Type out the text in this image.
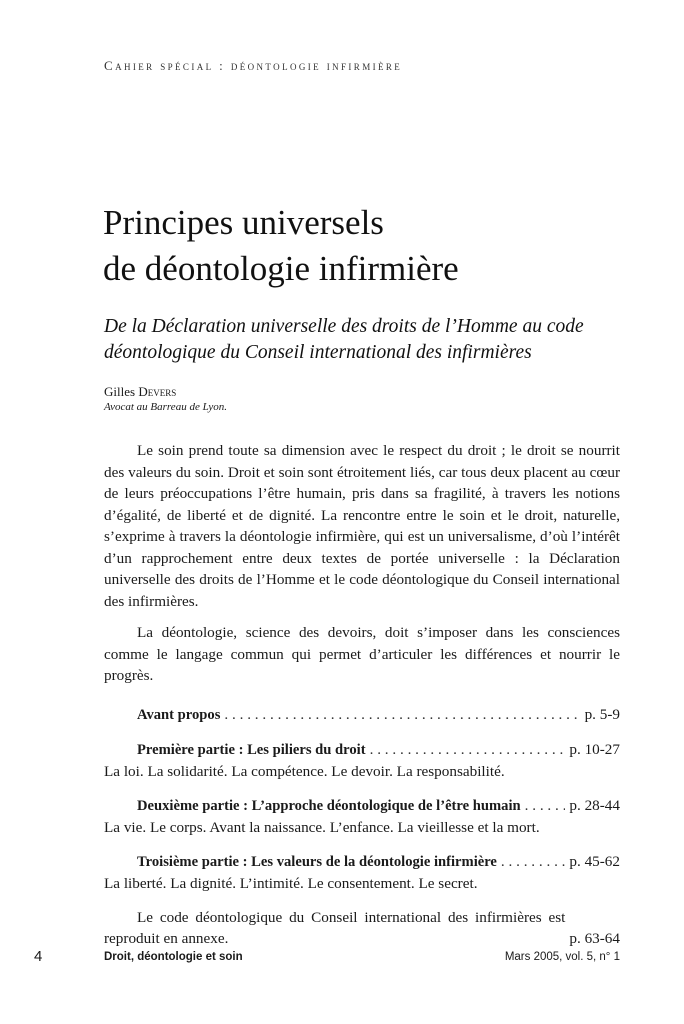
Cahier spécial : déontologie infirmière
Principes universels
de déontologie infirmière

De la Déclaration universelle des droits de l’Homme au code déontologique du Conseil international des infirmières

Gilles Devers
Avocat au Barreau de Lyon.

Le soin prend toute sa dimension avec le respect du droit ; le droit se nourrit des valeurs du soin. Droit et soin sont étroitement liés, car tous deux placent au cœur de leurs préoccupations l’être humain, pris dans sa fragilité, à travers les notions d’égalité, de liberté et de dignité. La rencontre entre le soin et le droit, naturelle, s’exprime à travers la déontologie infirmière, qui est un universalisme, d’où l’intérêt d’un rapprochement entre deux textes de portée universelle : la Déclaration universelle des droits de l’Homme et le code déontologique du Conseil international des infirmières.

La déontologie, science des devoirs, doit s’imposer dans les consciences comme le langage commun qui permet d’articuler les différences et nourrir le progrès.

Avant propos . . .	p. 5-9
Première partie : Les piliers du droit . . .	p. 10-27

La loi. La solidarité. La compétence. Le devoir. La responsabilité.

Deuxième partie : L’approche déontologique de l’être humain . . .	p. 28-44

La vie. Le corps. Avant la naissance. L’enfance. La vieillesse et la mort.

Troisième partie : Les valeurs de la déontologie infirmière . . .	p. 45-62

La liberté. La dignité. L’intimité. Le consentement. Le secret.

Le code déontologique du Conseil international des infirmières est reproduit en annexe.	p. 63-64
4	Droit, déontologie et soin	Mars 2005, vol. 5, n° 1
